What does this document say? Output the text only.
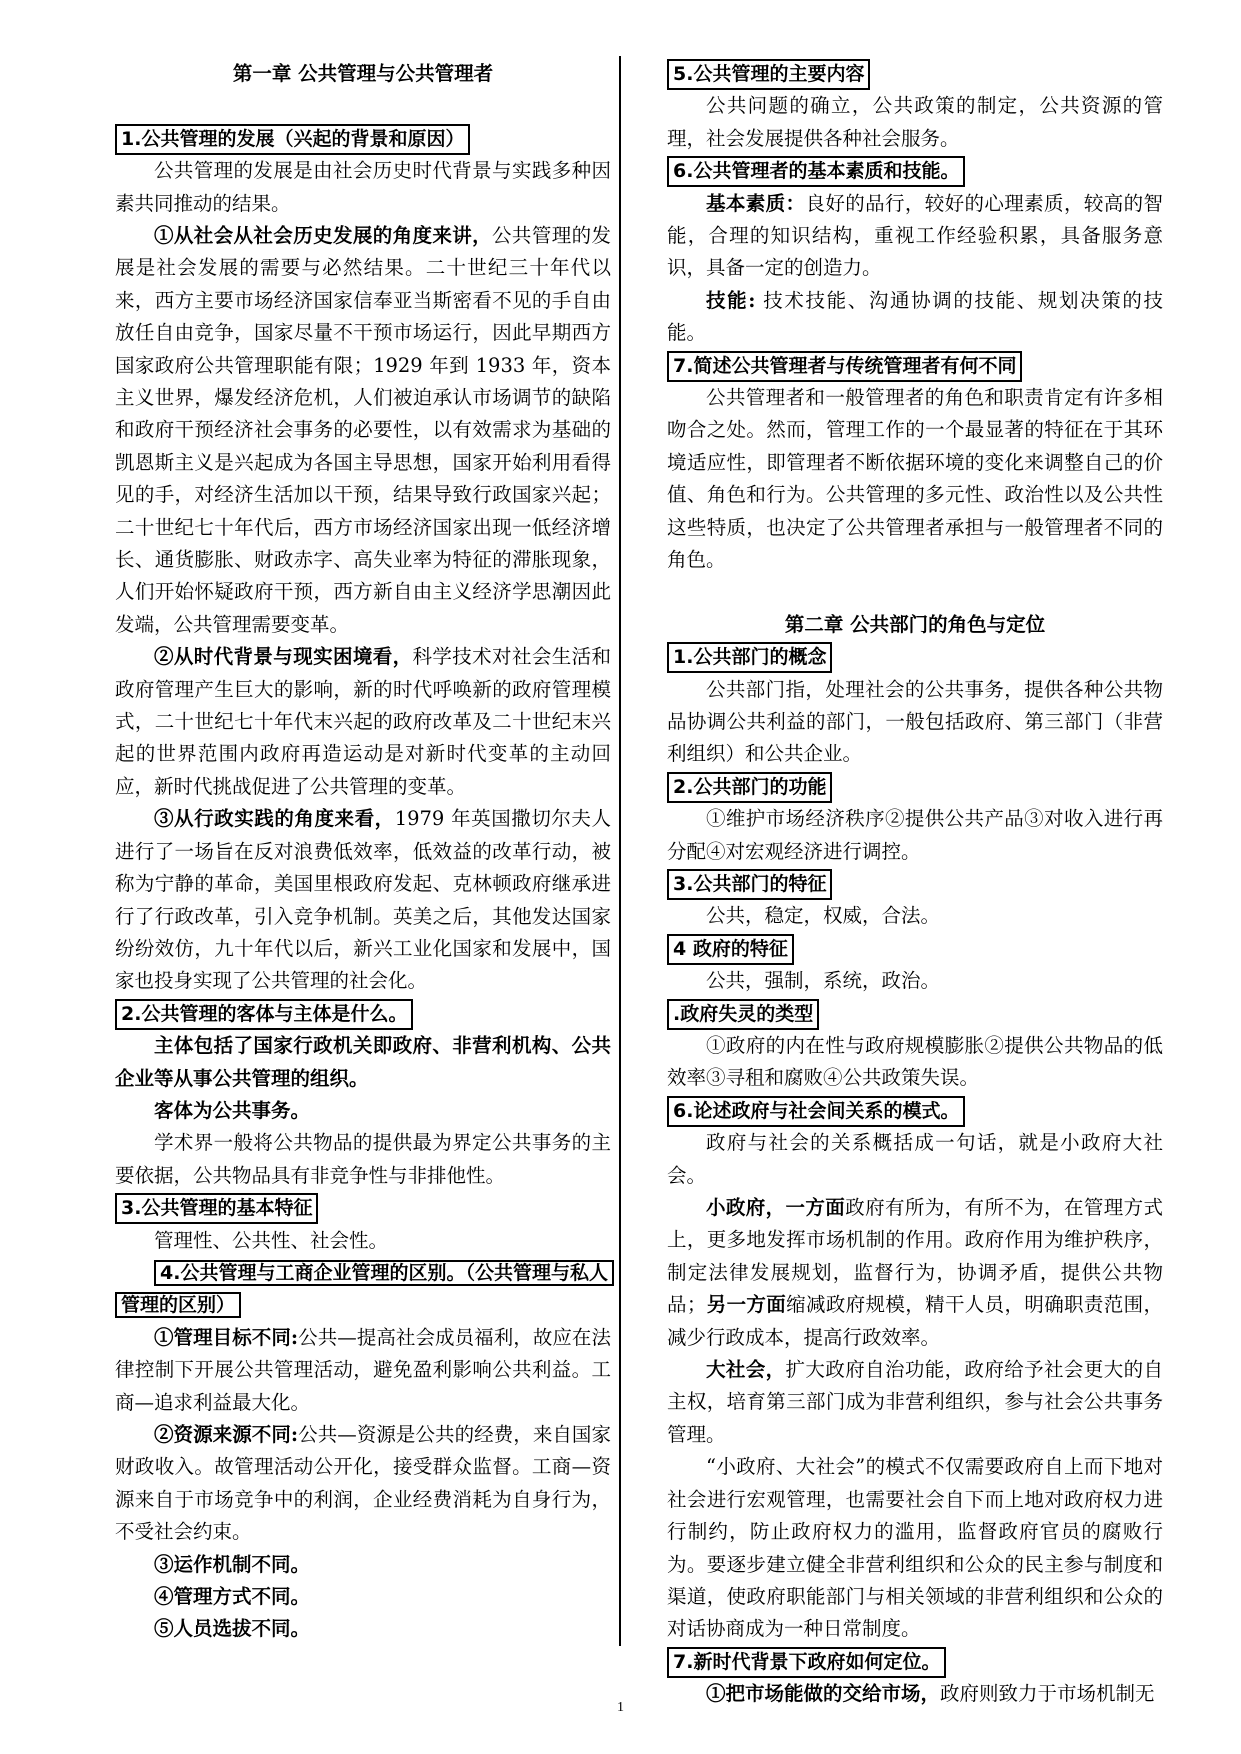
第一章 公共管理与公共管理者

1.公共管理的发展（兴起的背景和原因）

公共管理的发展是由社会历史时代背景与实践多种因素共同推动的结果。

①从社会从社会历史发展的角度来讲，公共管理的发展是社会发展的需要与必然结果。二十世纪三十年代以来，西方主要市场经济国家信奉亚当斯密看不见的手自由放任自由竞争，国家尽量不干预市场运行，因此早期西方国家政府公共管理职能有限；1929 年到 1933 年，资本主义世界，爆发经济危机，人们被迫承认市场调节的缺陷和政府干预经济社会事务的必要性，以有效需求为基础的凯恩斯主义是兴起成为各国主导思想，国家开始利用看得见的手，对经济生活加以干预，结果导致行政国家兴起；二十世纪七十年代后，西方市场经济国家出现一低经济增长、通货膨胀、财政赤字、高失业率为特征的滞胀现象，人们开始怀疑政府干预，西方新自由主义经济学思潮因此发端，公共管理需要变革。

②从时代背景与现实困境看，科学技术对社会生活和政府管理产生巨大的影响，新的时代呼唤新的政府管理模式，二十世纪七十年代末兴起的政府改革及二十世纪末兴起的世界范围内政府再造运动是对新时代变革的主动回应，新时代挑战促进了公共管理的变革。

③从行政实践的角度来看，1979 年英国撒切尔夫人进行了一场旨在反对浪费低效率，低效益的改革行动，被称为宁静的革命，美国里根政府发起、克林顿政府继承进行了行政改革，引入竞争机制。英美之后，其他发达国家纷纷效仿，九十年代以后，新兴工业化国家和发展中，国家也投身实现了公共管理的社会化。

2.公共管理的客体与主体是什么。

主体包括了国家行政机关即政府、非营利机构、公共企业等从事公共管理的组织。

客体为公共事务。

学术界一般将公共物品的提供最为界定公共事务的主要依据，公共物品具有非竞争性与非排他性。

3.公共管理的基本特征

管理性、公共性、社会性。

4.公共管理与工商企业管理的区别。（公共管理与私人管理的区别）

①管理目标不同:公共—提高社会成员福利，故应在法律控制下开展公共管理活动，避免盈利影响公共利益。工商—追求利益最大化。

②资源来源不同:公共—资源是公共的经费，来自国家财政收入。故管理活动公开化，接受群众监督。工商—资源来自于市场竞争中的利润，企业经费消耗为自身行为，不受社会约束。

③运作机制不同。

④管理方式不同。

⑤人员选拔不同。

5.公共管理的主要内容

公共问题的确立，公共政策的制定，公共资源的管理，社会发展提供各种社会服务。

6.公共管理者的基本素质和技能。

基本素质：良好的品行，较好的心理素质，较高的智能，合理的知识结构，重视工作经验积累，具备服务意识，具备一定的创造力。

技能: 技术技能、沟通协调的技能、规划决策的技能。

7.简述公共管理者与传统管理者有何不同

公共管理者和一般管理者的角色和职责肯定有许多相吻合之处。然而，管理工作的一个最显著的特征在于其环境适应性，即管理者不断依据环境的变化来调整自己的价值、角色和行为。公共管理的多元性、政治性以及公共性这些特质，也决定了公共管理者承担与一般管理者不同的角色。

第二章 公共部门的角色与定位

1.公共部门的概念

公共部门指，处理社会的公共事务，提供各种公共物品协调公共利益的部门，一般包括政府、第三部门（非营利组织）和公共企业。

2.公共部门的功能

①维护市场经济秩序②提供公共产品③对收入进行再分配④对宏观经济进行调控。

3.公共部门的特征

公共，稳定，权威，合法。

4 政府的特征

公共，强制，系统，政治。

.政府失灵的类型

①政府的内在性与政府规模膨胀②提供公共物品的低效率③寻租和腐败④公共政策失误。

6.论述政府与社会间关系的模式。

政府与社会的关系概括成一句话，就是小政府大社会。

小政府，一方面政府有所为，有所不为，在管理方式上，更多地发挥市场机制的作用。政府作用为维护秩序，制定法律发展规划，监督行为，协调矛盾，提供公共物品；另一方面缩减政府规模，精干人员，明确职责范围，减少行政成本，提高行政效率。

大社会，扩大政府自治功能，政府给予社会更大的自主权，培育第三部门成为非营利组织，参与社会公共事务管理。

“小政府、大社会”的模式不仅需要政府自上而下地对社会进行宏观管理，也需要社会自下而上地对政府权力进行制约，防止政府权力的滥用，监督政府官员的腐败行为。要逐步建立健全非营利组织和公众的民主参与制度和渠道，使政府职能部门与相关领域的非营利组织和公众的对话协商成为一种日常制度。

7.新时代背景下政府如何定位。

①把市场能做的交给市场，政府则致力于市场机制无

1
